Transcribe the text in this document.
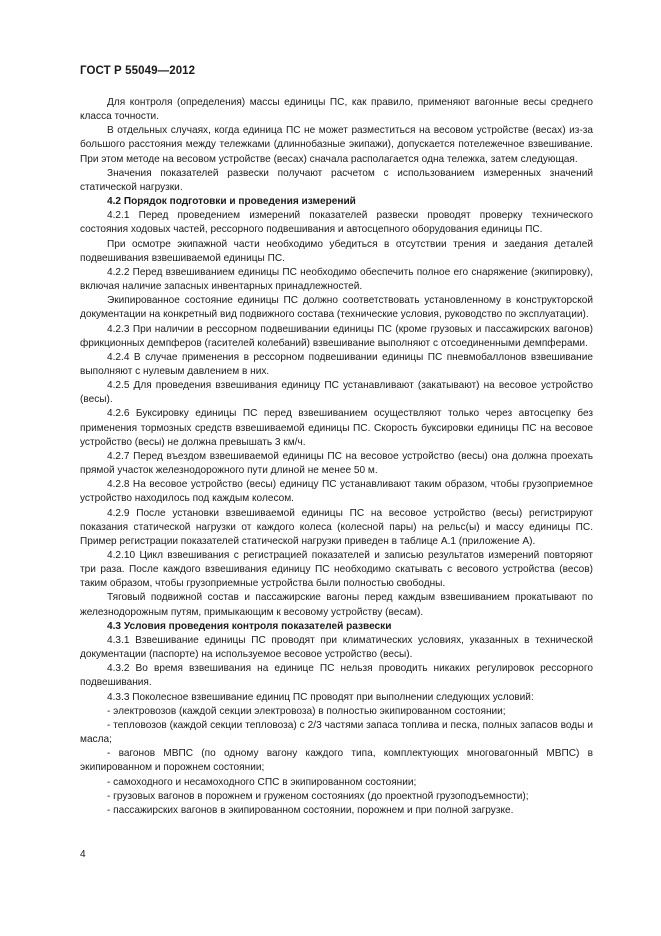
ГОСТ Р 55049—2012

Для контроля (определения) массы единицы ПС, как правило, применяют вагонные весы среднего класса точности.

В отдельных случаях, когда единица ПС не может разместиться на весовом устройстве (весах) из-за большого расстояния между тележками (длиннобазные экипажи), допускается потележечное взвешивание. При этом методе на весовом устройстве (весах) сначала располагается одна тележка, затем следующая.

Значения показателей развески получают расчетом с использованием измеренных значений статической нагрузки.

4.2 Порядок подготовки и проведения измерений

4.2.1 Перед проведением измерений показателей развески проводят проверку технического состояния ходовых частей, рессорного подвешивания и автосцепного оборудования единицы ПС.

При осмотре экипажной части необходимо убедиться в отсутствии трения и заедания деталей подвешивания взвешиваемой единицы ПС.

4.2.2 Перед взвешиванием единицы ПС необходимо обеспечить полное его снаряжение (экипировку), включая наличие запасных инвентарных принадлежностей.

Экипированное состояние единицы ПС должно соответствовать установленному в конструкторской документации на конкретный вид подвижного состава (технические условия, руководство по эксплуатации).

4.2.3 При наличии в рессорном подвешивании единицы ПС (кроме грузовых и пассажирских вагонов) фрикционных демпферов (гасителей колебаний) взвешивание выполняют с отсоединенными демпферами.

4.2.4 В случае применения в рессорном подвешивании единицы ПС пневмобаллонов взвешивание выполняют с нулевым давлением в них.

4.2.5 Для проведения взвешивания единицу ПС устанавливают (закатывают) на весовое устройство (весы).

4.2.6 Буксировку единицы ПС перед взвешиванием осуществляют только через автосцепку без применения тормозных средств взвешиваемой единицы ПС. Скорость буксировки единицы ПС на весовое устройство (весы) не должна превышать 3 км/ч.

4.2.7 Перед въездом взвешиваемой единицы ПС на весовое устройство (весы) она должна проехать прямой участок железнодорожного пути длиной не менее 50 м.

4.2.8 На весовое устройство (весы) единицу ПС устанавливают таким образом, чтобы грузоприемное устройство находилось под каждым колесом.

4.2.9 После установки взвешиваемой единицы ПС на весовое устройство (весы) регистрируют показания статической нагрузки от каждого колеса (колесной пары) на рельс(ы) и массу единицы ПС. Пример регистрации показателей статической нагрузки приведен в таблице А.1 (приложение А).

4.2.10 Цикл взвешивания с регистрацией показателей и записью результатов измерений повторяют три раза. После каждого взвешивания единицу ПС необходимо скатывать с весового устройства (весов) таким образом, чтобы грузоприемные устройства были полностью свободны.

Тяговый подвижной состав и пассажирские вагоны перед каждым взвешиванием прокатывают по железнодорожным путям, примыкающим к весовому устройству (весам).

4.3 Условия проведения контроля показателей развески

4.3.1 Взвешивание единицы ПС проводят при климатических условиях, указанных в технической документации (паспорте) на используемое весовое устройство (весы).

4.3.2 Во время взвешивания на единице ПС нельзя проводить никаких регулировок рессорного подвешивания.

4.3.3 Поколесное взвешивание единиц ПС проводят при выполнении следующих условий:

- электровозов (каждой секции электровоза) в полностью экипированном состоянии;

- тепловозов (каждой секции тепловоза) с 2/3 частями запаса топлива и песка, полных запасов воды и масла;

- вагонов МВПС (по одному вагону каждого типа, комплектующих многовагонный МВПС) в экипированном и порожнем состоянии;

- самоходного и несамоходного СПС в экипированном состоянии;

- грузовых вагонов в порожнем и груженом состояниях (до проектной грузоподъемности);

- пассажирских вагонов в экипированном состоянии, порожнем и при полной загрузке.

4
